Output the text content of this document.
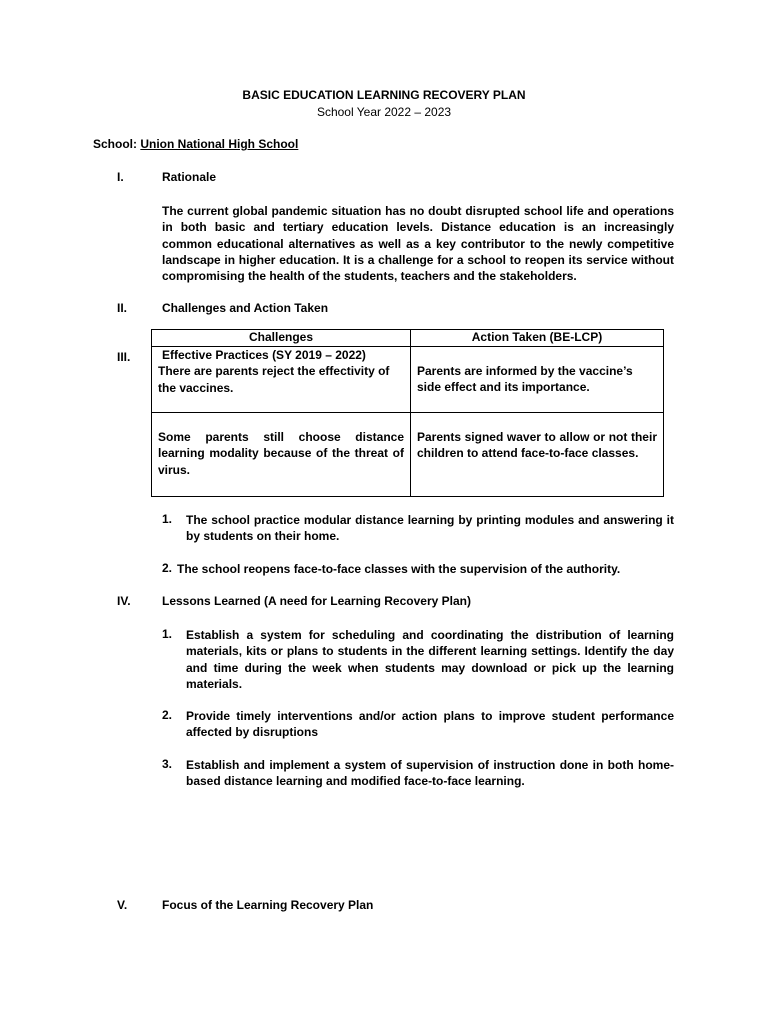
BASIC EDUCATION LEARNING RECOVERY PLAN
School Year 2022 – 2023
School: Union National High School
I.	Rationale
The current global pandemic situation has no doubt disrupted school life and operations in both basic and tertiary education levels. Distance education is an increasingly common educational alternatives as well as a key contributor to the newly competitive landscape in higher education. It is a challenge for a school to reopen its service without compromising the health of the students, teachers and the stakeholders.
II.	Challenges and Action Taken
Challenges	Action Taken (BE-LCP)

Effective Practices (SY 2019 – 2022)
There are parents reject the effectivity of the vaccines.	Parents are informed by the vaccine’s side effect and its importance.
Some parents still choose distance learning modality because of the threat of virus.	Parents signed waver to allow or not their children to attend face-to-face classes.
III.
1. The school practice modular distance learning by printing modules and answering it by students on their home.
2. The school reopens face-to-face classes with the supervision of the authority.
IV.	Lessons Learned (A need for Learning Recovery Plan)
1. Establish a system for scheduling and coordinating the distribution of learning materials, kits or plans to students in the different learning settings. Identify the day and time during the week when students may download or pick up the learning materials.
2. Provide timely interventions and/or action plans to improve student performance affected by disruptions
3. Establish and implement a system of supervision of instruction done in both home-based distance learning and modified face-to-face learning.
V.	Focus of the Learning Recovery Plan
